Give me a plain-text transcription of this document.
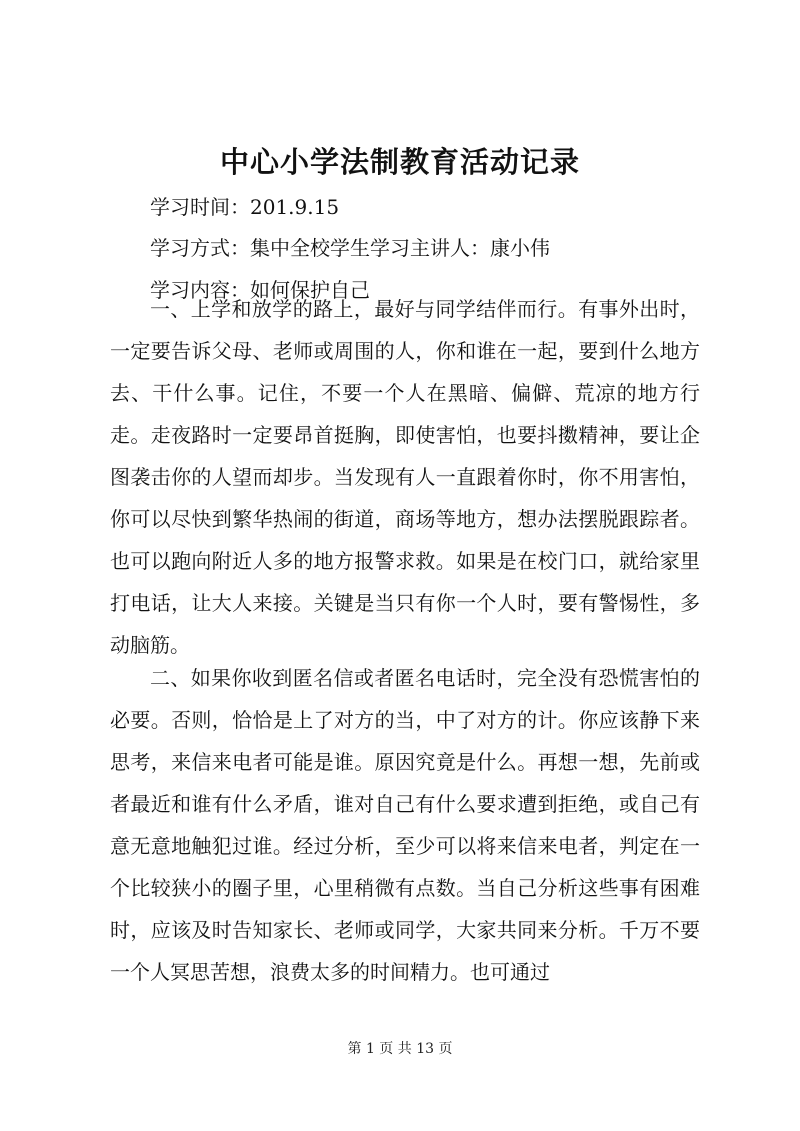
中心小学法制教育活动记录

学习时间：201.9.15

学习方式：集中全校学生学习主讲人：康小伟

学习内容：如何保护自己

一、上学和放学的路上，最好与同学结伴而行。有事外出时，一定要告诉父母、老师或周围的人，你和谁在一起，要到什么地方去、干什么事。记住，不要一个人在黑暗、偏僻、荒凉的地方行走。走夜路时一定要昂首挺胸，即使害怕，也要抖擞精神，要让企图袭击你的人望而却步。当发现有人一直跟着你时，你不用害怕，你可以尽快到繁华热闹的街道，商场等地方，想办法摆脱跟踪者。也可以跑向附近人多的地方报警求救。如果是在校门口，就给家里打电话，让大人来接。关键是当只有你一个人时，要有警惕性，多动脑筋。

二、如果你收到匿名信或者匿名电话时，完全没有恐慌害怕的必要。否则，恰恰是上了对方的当，中了对方的计。你应该静下来思考，来信来电者可能是谁。原因究竟是什么。再想一想，先前或者最近和谁有什么矛盾，谁对自己有什么要求遭到拒绝，或自己有意无意地触犯过谁。经过分析，至少可以将来信来电者，判定在一个比较狭小的圈子里，心里稍微有点数。当自己分析这些事有困难时，应该及时告知家长、老师或同学，大家共同来分析。千万不要一个人冥思苦想，浪费太多的时间精力。也可通过

第 1 页 共 13 页
